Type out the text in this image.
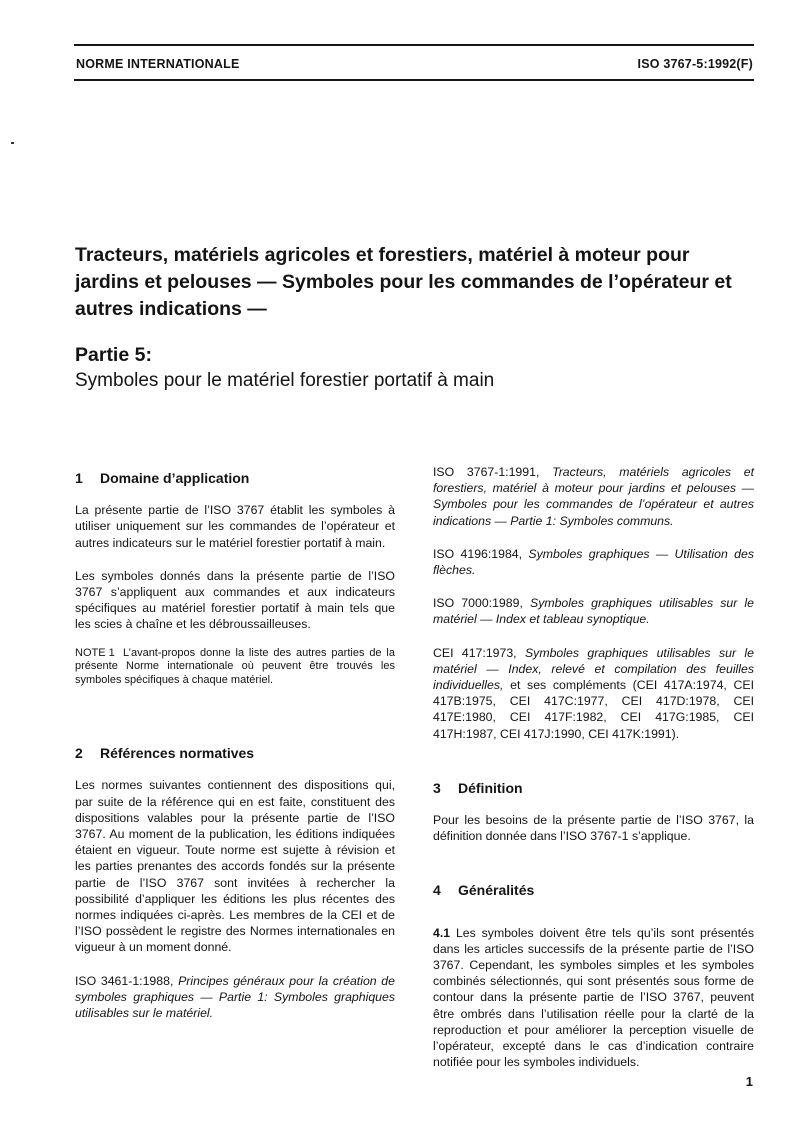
NORME INTERNATIONALE	ISO 3767-5:1992(F)
Tracteurs, matériels agricoles et forestiers, matériel à moteur pour jardins et pelouses — Symboles pour les commandes de l’opérateur et autres indications —
Partie 5:
Symboles pour le matériel forestier portatif à main
1 Domaine d’application

La présente partie de l’ISO 3767 établit les symboles à utiliser uniquement sur les commandes de l’opérateur et autres indicateurs sur le matériel forestier portatif à main.

Les symboles donnés dans la présente partie de l’ISO 3767 s’appliquent aux commandes et aux indicateurs spécifiques au matériel forestier portatif à main tels que les scies à chaîne et les débroussailleuses.

NOTE 1 L’avant-propos donne la liste des autres parties de la présente Norme internationale où peuvent être trouvés les symboles spécifiques à chaque matériel.

2 Références normatives

Les normes suivantes contiennent des dispositions qui, par suite de la référence qui en est faite, constituent des dispositions valables pour la présente partie de l’ISO 3767. Au moment de la publication, les éditions indiquées étaient en vigueur. Toute norme est sujette à révision et les parties prenantes des accords fondés sur la présente partie de l’ISO 3767 sont invitées à rechercher la possibilité d’appliquer les éditions les plus récentes des normes indiquées ci-après. Les membres de la CEI et de l’ISO possèdent le registre des Normes internationales en vigueur à un moment donné.

ISO 3461-1:1988, Principes généraux pour la création de symboles graphiques — Partie 1: Symboles graphiques utilisables sur le matériel.

ISO 3767-1:1991, Tracteurs, matériels agricoles et forestiers, matériel à moteur pour jardins et pelouses — Symboles pour les commandes de l’opérateur et autres indications — Partie 1: Symboles communs.

ISO 4196:1984, Symboles graphiques — Utilisation des flèches.

ISO 7000:1989, Symboles graphiques utilisables sur le matériel — Index et tableau synoptique.

CEI 417:1973, Symboles graphiques utilisables sur le matériel — Index, relevé et compilation des feuilles individuelles, et ses compléments (CEI 417A:1974, CEI 417B:1975, CEI 417C:1977, CEI 417D:1978, CEI 417E:1980, CEI 417F:1982, CEI 417G:1985, CEI 417H:1987, CEI 417J:1990, CEI 417K:1991).

3 Définition

Pour les besoins de la présente partie de l’ISO 3767, la définition donnée dans l’ISO 3767-1 s’applique.

4 Généralités

4.1 Les symboles doivent être tels qu’ils sont présentés dans les articles successifs de la présente partie de l’ISO 3767. Cependant, les symboles simples et les symboles combinés sélectionnés, qui sont présentés sous forme de contour dans la présente partie de l’ISO 3767, peuvent être ombrés dans l’utilisation réelle pour la clarté de la reproduction et pour améliorer la perception visuelle de l’opérateur, excepté dans le cas d’indication contraire notifiée pour les symboles individuels.

1
